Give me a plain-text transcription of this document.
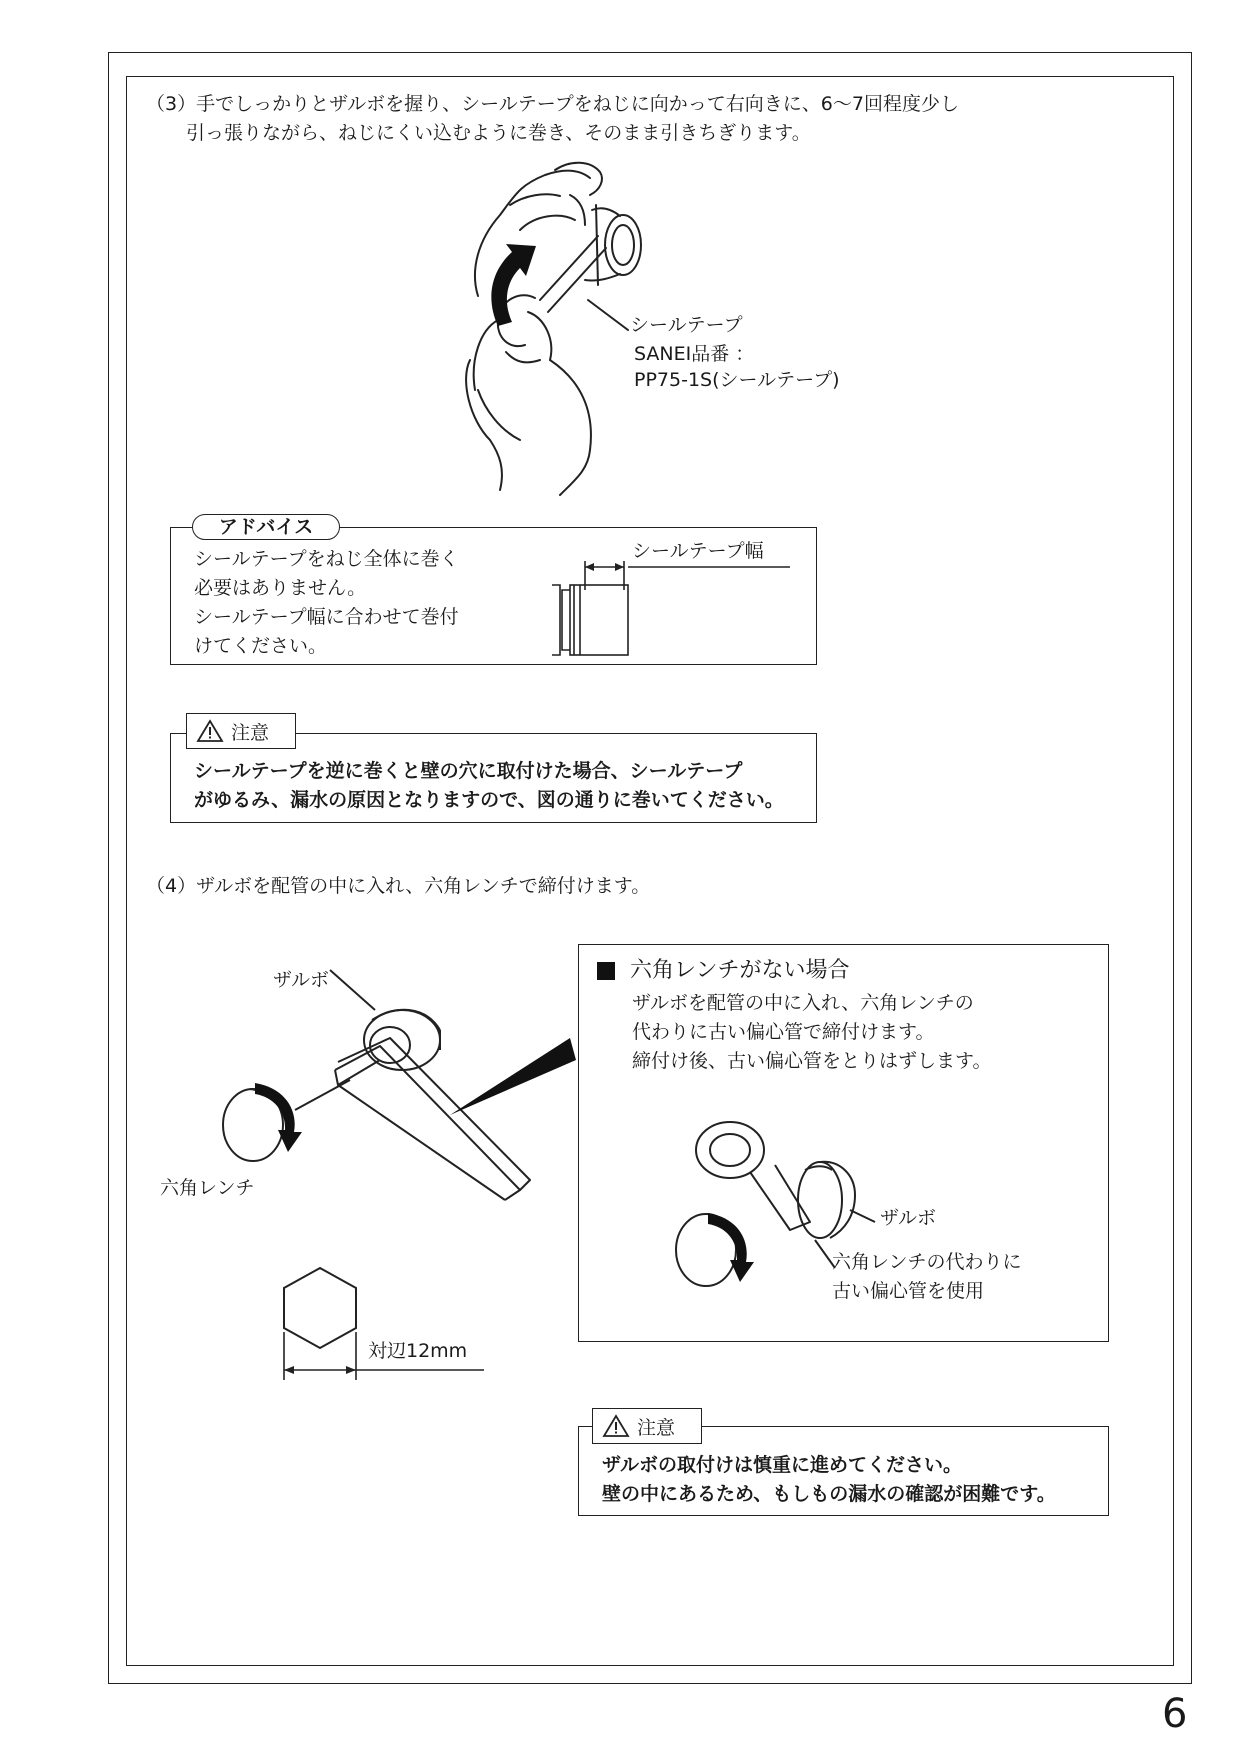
（3）手でしっかりとザルボを握り、シールテープをねじに向かって右向きに、6〜7回程度少し
引っ張りながら、ねじにくい込むように巻き、そのまま引きちぎります。
シールテープ
SANEI品番 ：
PP75-1S(シールテープ)
アドバイス
シールテープをねじ全体に巻く
必要はありません。
シールテープ幅に合わせて巻付
けてください。
シールテープ幅
注意
シールテープを逆に巻くと壁の穴に取付けた場合、シールテープ
がゆるみ、漏水の原因となりますので、図の通りに巻いてください。
（4）ザルボを配管の中に入れ、六角レンチで締付けます。
ザルボ
六角レンチ
対辺12mm
六角レンチがない場合
ザルボを配管の中に入れ、六角レンチの
代わりに古い偏心管で締付けます。
締付け後、古い偏心管をとりはずします。
ザルボ
六角レンチの代わりに
古い偏心管を使用
注意
ザルボの取付けは慎重に進めてください。
壁の中にあるため、もしもの漏水の確認が困難です。
6
